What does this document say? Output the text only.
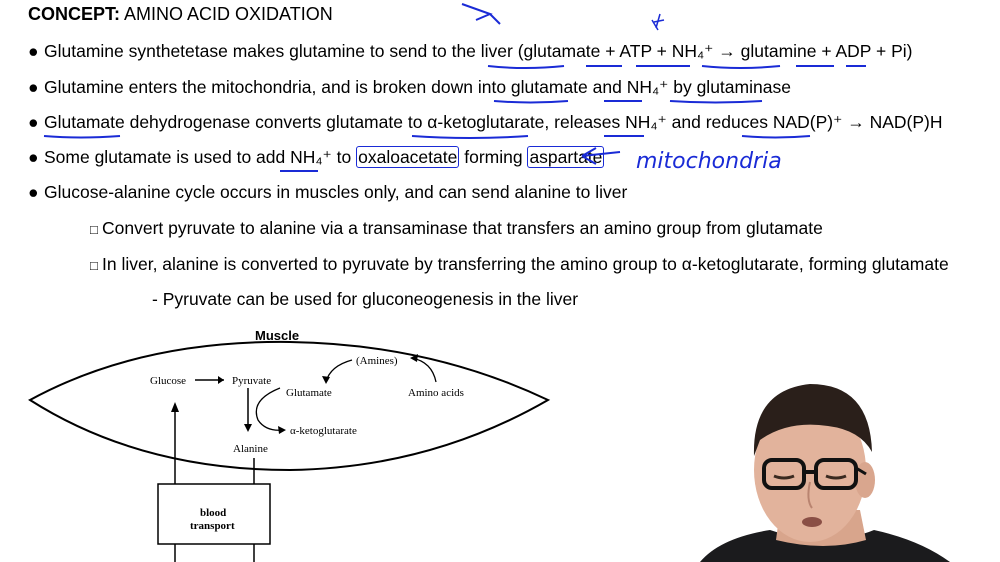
CONCEPT: AMINO ACID OXIDATION
● Glutamine synthetetase makes glutamine to send to the liver (glutamate + ATP + NH₄⁺ → glutamine + ADP + Pi)
● Glutamine enters the mitochondria, and is broken down into glutamate and NH₄⁺ by glutaminase
● Glutamate dehydrogenase converts glutamate to α-ketoglutarate, releases NH₄⁺ and reduces NAD(P)⁺ → NAD(P)H
● Some glutamate is used to add NH₄⁺ to oxaloacetate forming aspartate
● Glucose-alanine cycle occurs in muscles only, and can send alanine to liver
□ Convert pyruvate to alanine via a transaminase that transfers an amino group from glutamate
□ In liver, alanine is converted to pyruvate by transferring the amino group to α-ketoglutarate, forming glutamate
- Pyruvate can be used for gluconeogenesis in the liver
mitochondria
Muscle
Glucose	Pyruvate
Glutamate
(Amines)
Amino acids
α-ketoglutarate
Alanine
blood
transport
